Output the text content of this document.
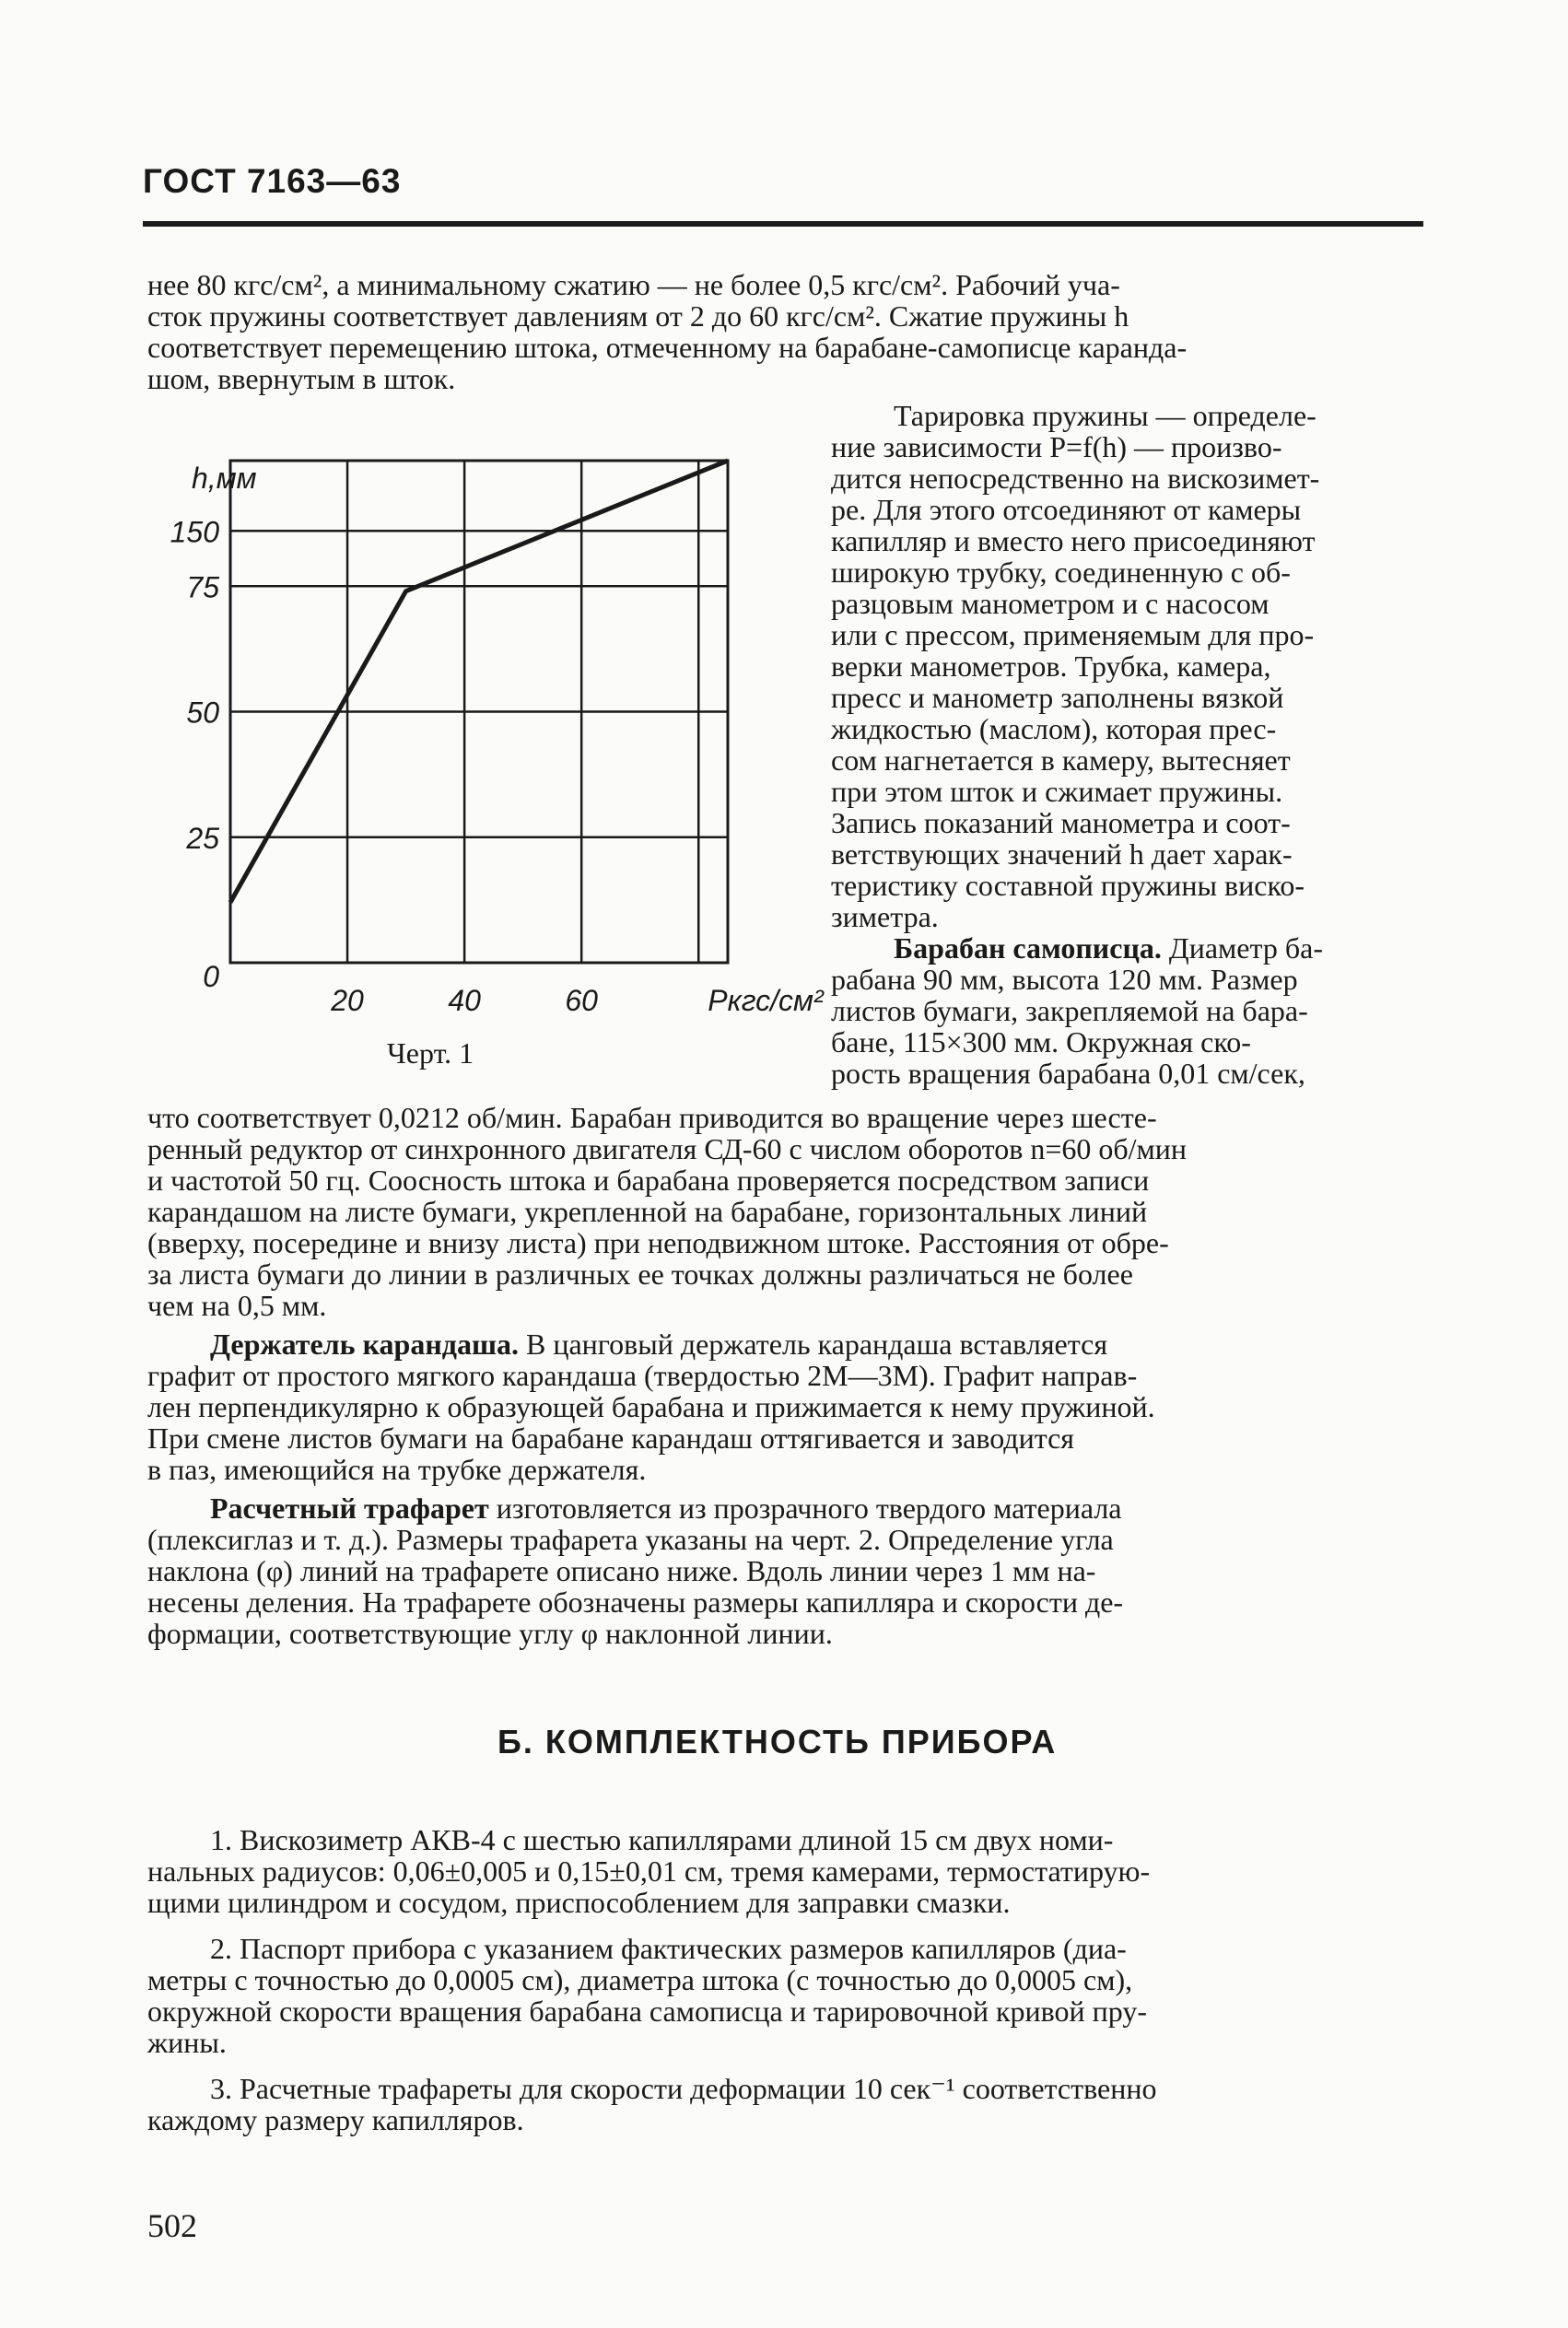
ГОСТ 7163—63

нее 80 кгс/см², а минимальному сжатию — не более 0,5 кгс/см². Рабочий уча-

сток пружины соответствует давлениям от 2 до 60 кгс/см². Сжатие пружины h

соответствует перемещению штока, отмеченному на барабане-самописце каранда-

шом, ввернутым в шток.

0
25
50
75
150
20	40	60	Ркгс/см²
h,мм
Черт. 1

Тарировка пружины — определе-

ние зависимости P=f(h) — произво-

дится непосредственно на вискозимет-

ре. Для этого отсоединяют от камеры

капилляр и вместо него присоединяют

широкую трубку, соединенную с об-

разцовым манометром и с насосом

или с прессом, применяемым для про-

верки манометров. Трубка, камера,

пресс и манометр заполнены вязкой

жидкостью (маслом), которая прес-

сом нагнетается в камеру, вытесняет

при этом шток и сжимает пружины.

Запись показаний манометра и соот-

ветствующих значений h дает харак-

теристику составной пружины виско-

зиметра.

Барабан самописца. Диаметр ба-

рабана 90 мм, высота 120 мм. Размер

листов бумаги, закрепляемой на бара-

бане, 115×300 мм. Окружная ско-

рость вращения барабана 0,01 см/сек,

что соответствует 0,0212 об/мин. Барабан приводится во вращение через шесте-

ренный редуктор от синхронного двигателя СД-60 с числом оборотов n=60 об/мин

и частотой 50 гц. Соосность штока и барабана проверяется посредством записи

карандашом на листе бумаги, укрепленной на барабане, горизонтальных линий

(вверху, посередине и внизу листа) при неподвижном штоке. Расстояния от обре-

за листа бумаги до линии в различных ее точках должны различаться не более

чем на 0,5 мм.

Держатель карандаша. В цанговый держатель карандаша вставляется

графит от простого мягкого карандаша (твердостью 2М—3М). Графит направ-

лен перпендикулярно к образующей барабана и прижимается к нему пружиной.

При смене листов бумаги на барабане карандаш оттягивается и заводится

в паз, имеющийся на трубке держателя.

Расчетный трафарет изготовляется из прозрачного твердого материала

(плексиглаз и т. д.). Размеры трафарета указаны на черт. 2. Определение угла

наклона (φ) линий на трафарете описано ниже. Вдоль линии через 1 мм на-

несены деления. На трафарете обозначены размеры капилляра и скорости де-

формации, соответствующие углу φ наклонной линии.

Б. КОМПЛЕКТНОСТЬ ПРИБОРА

1. Вискозиметр АКВ-4 с шестью капиллярами длиной 15 см двух номи-

нальных радиусов: 0,06±0,005 и 0,15±0,01 см, тремя камерами, термостатирую-

щими цилиндром и сосудом, приспособлением для заправки смазки.

2. Паспорт прибора с указанием фактических размеров капилляров (диа-

метры с точностью до 0,0005 см), диаметра штока (с точностью до 0,0005 см),

окружной скорости вращения барабана самописца и тарировочной кривой пру-

жины.

3. Расчетные трафареты для скорости деформации 10 сек⁻¹ соответственно

каждому размеру капилляров.

502
